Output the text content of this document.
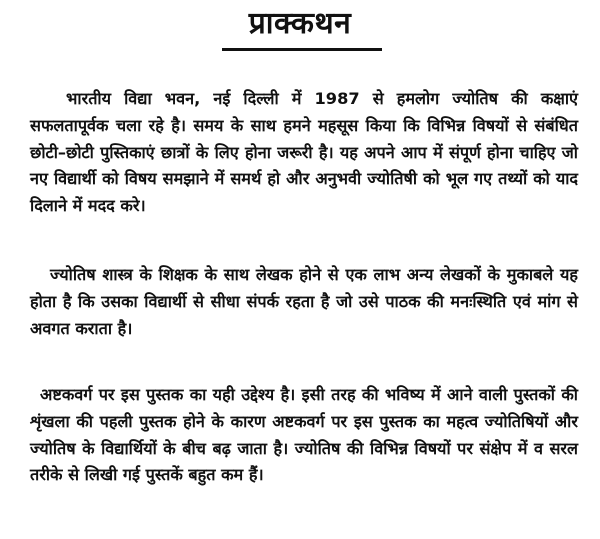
प्राक्कथन

भारतीय विद्या भवन, नई दिल्ली में 1987 से हमलोग ज्योतिष की कक्षाएं सफलतापूर्वक चला रहे है। समय के साथ हमने महसूस किया कि विभिन्न विषयों से संबंधित छोटी–छोटी पुस्तिकाएं छात्रों के लिए होना जरूरी है। यह अपने आप में संपूर्ण होना चाहिए जो नए विद्यार्थी को विषय समझाने में समर्थ हो और अनुभवी ज्योतिषी को भूल गए तथ्यों को याद दिलाने में मदद करे।

ज्योतिष शास्त्र के शिक्षक के साथ लेखक होने से एक लाभ अन्य लेखकों के मुकाबले यह होता है कि उसका विद्यार्थी से सीधा संपर्क रहता है जो उसे पाठक की मनःस्थिति एवं मांग से अवगत कराता है।

अष्टकवर्ग पर इस पुस्तक का यही उद्देश्य है। इसी तरह की भविष्य में आने वाली पुस्तकों की शृंखला की पहली पुस्तक होने के कारण अष्टकवर्ग पर इस पुस्तक का महत्व ज्योतिषियों और ज्योतिष के विद्यार्थियों के बीच बढ़ जाता है। ज्योतिष की विभिन्न विषयों पर संक्षेप में व सरल तरीके से लिखी गई पुस्तकें बहुत कम हैं।
